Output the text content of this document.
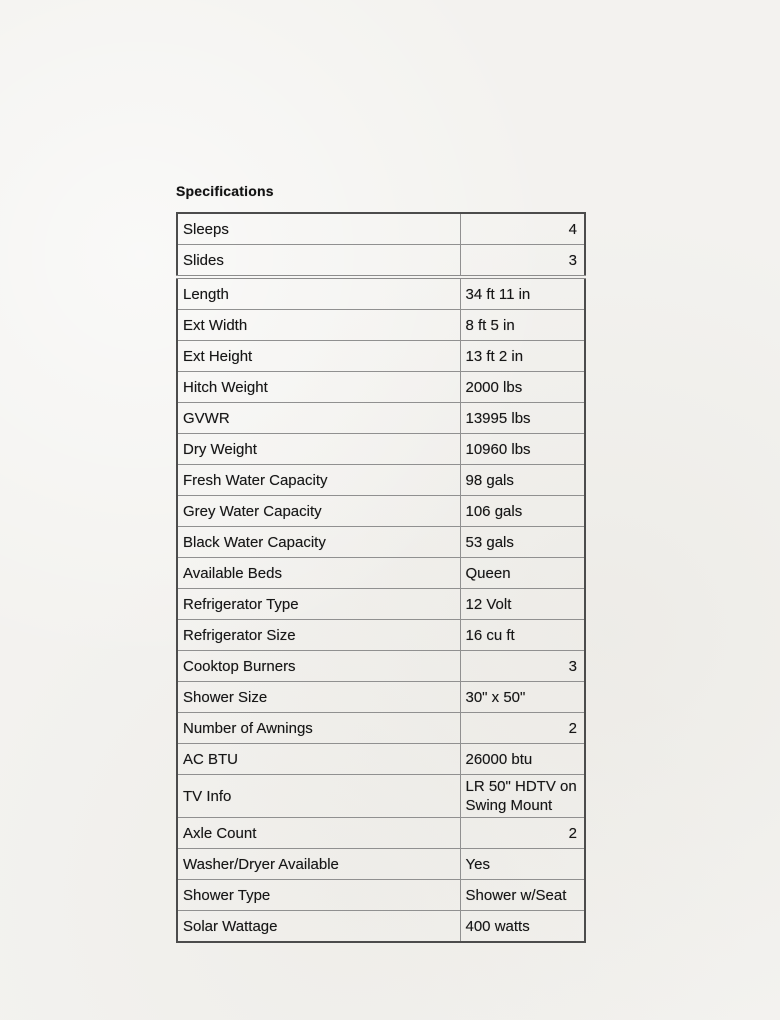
Specifications
Sleeps	4
Slides	3
Length	34 ft 11 in
Ext Width	8 ft 5 in
Ext Height	13 ft 2 in
Hitch Weight	2000 lbs
GVWR	13995 lbs
Dry Weight	10960 lbs
Fresh Water Capacity	98 gals
Grey Water Capacity	106 gals
Black Water Capacity	53 gals
Available Beds	Queen
Refrigerator Type	12 Volt
Refrigerator Size	16 cu ft
Cooktop Burners	3
Shower Size	30" x 50"
Number of Awnings	2
AC BTU	26000 btu
TV Info	LR 50" HDTV on Swing Mount
Axle Count	2
Washer/Dryer Available	Yes
Shower Type	Shower w/Seat
Solar Wattage	400 watts
